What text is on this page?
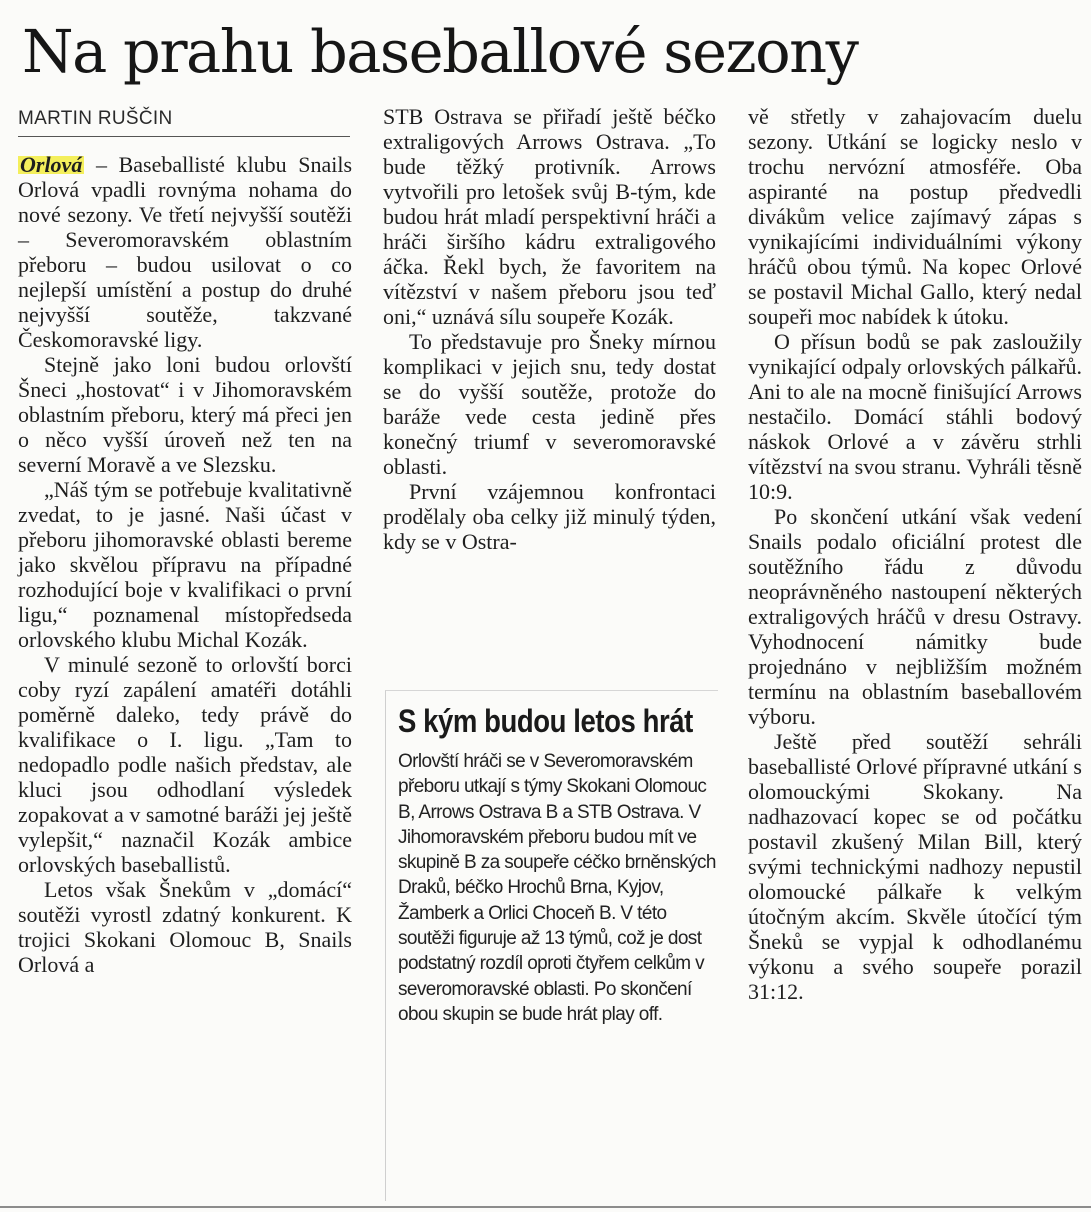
Na prahu baseballové sezony
MARTIN RUŠČIN

Orlová – Baseballisté klubu Snails Orlová vpadli rovnýma nohama do nové sezony. Ve třetí nejvyšší soutěži – Severomoravském oblastním přeboru – budou usilovat o co nejlepší umístění a postup do druhé nejvyšší soutěže, takzvané Českomoravské ligy.

Stejně jako loni budou orlovští Šneci „hostovat“ i v Jihomoravském oblastním přeboru, který má přeci jen o něco vyšší úroveň než ten na severní Moravě a ve Slezsku.

„Náš tým se potřebuje kvalitativně zvedat, to je jasné. Naši účast v přeboru jihomoravské oblasti bereme jako skvělou přípravu na případné rozhodující boje v kvalifikaci o první ligu,“ poznamenal místopředseda orlovského klubu Michal Kozák.

V minulé sezoně to orlovští borci coby ryzí zapálení amatéři dotáhli poměrně daleko, tedy právě do kvalifikace o I. ligu. „Tam to nedopadlo podle našich představ, ale kluci jsou odhodlaní výsledek zopakovat a v samotné baráži jej ještě vylepšit,“ naznačil Kozák ambice orlovských baseballistů.

Letos však Šnekům v „domácí“ soutěži vyrostl zdatný konkurent. K trojici Skokani Olomouc B, Snails Orlová a

STB Ostrava se přiřadí ještě béčko extraligových Arrows Ostrava. „To bude těžký protivník. Arrows vytvořili pro letošek svůj B-tým, kde budou hrát mladí perspektivní hráči a hráči širšího kádru extraligového áčka. Řekl bych, že favoritem na vítězství v našem přeboru jsou teď oni,“ uznává sílu soupeře Kozák.

To představuje pro Šneky mírnou komplikaci v jejich snu, tedy dostat se do vyšší soutěže, protože do baráže vede cesta jedině přes konečný triumf v severomoravské oblasti.

První vzájemnou konfrontaci prodělaly oba celky již minulý týden, kdy se v Ostra-

S kým budou letos hrát

Orlovští hráči se v Severomoravském přeboru utkají s týmy Skokani Olomouc B, Arrows Ostrava B a STB Ostrava. V Jihomoravském přeboru budou mít ve skupině B za soupeře céčko brněnských Draků, béčko Hrochů Brna, Kyjov, Žamberk a Orlici Choceň B. V této soutěži figuruje až 13 týmů, což je dost podstatný rozdíl oproti čtyřem celkům v severomoravské oblasti. Po skončení obou skupin se bude hrát play off.

vě střetly v zahajovacím duelu sezony. Utkání se logicky neslo v trochu nervózní atmosféře. Oba aspiranté na postup předvedli divákům velice zajímavý zápas s vynikajícími individuálními výkony hráčů obou týmů. Na kopec Orlové se postavil Michal Gallo, který nedal soupeři moc nabídek k útoku.

O přísun bodů se pak zasloužily vynikající odpaly orlovských pálkařů. Ani to ale na mocně finišující Arrows nestačilo. Domácí stáhli bodový náskok Orlové a v závěru strhli vítězství na svou stranu. Vyhráli těsně 10:9.

Po skončení utkání však vedení Snails podalo oficiální protest dle soutěžního řádu z důvodu neoprávněného nastoupení některých extraligových hráčů v dresu Ostravy. Vyhodnocení námitky bude projednáno v nejbližším možném termínu na oblastním baseballovém výboru.

Ještě před soutěží sehráli baseballisté Orlové přípravné utkání s olomouckými Skokany. Na nadhazovací kopec se od počátku postavil zkušený Milan Bill, který svými technickými nadhozy nepustil olomoucké pálkaře k velkým útočným akcím. Skvěle útočící tým Šneků se vypjal k odhodlanému výkonu a svého soupeře porazil 31:12.
